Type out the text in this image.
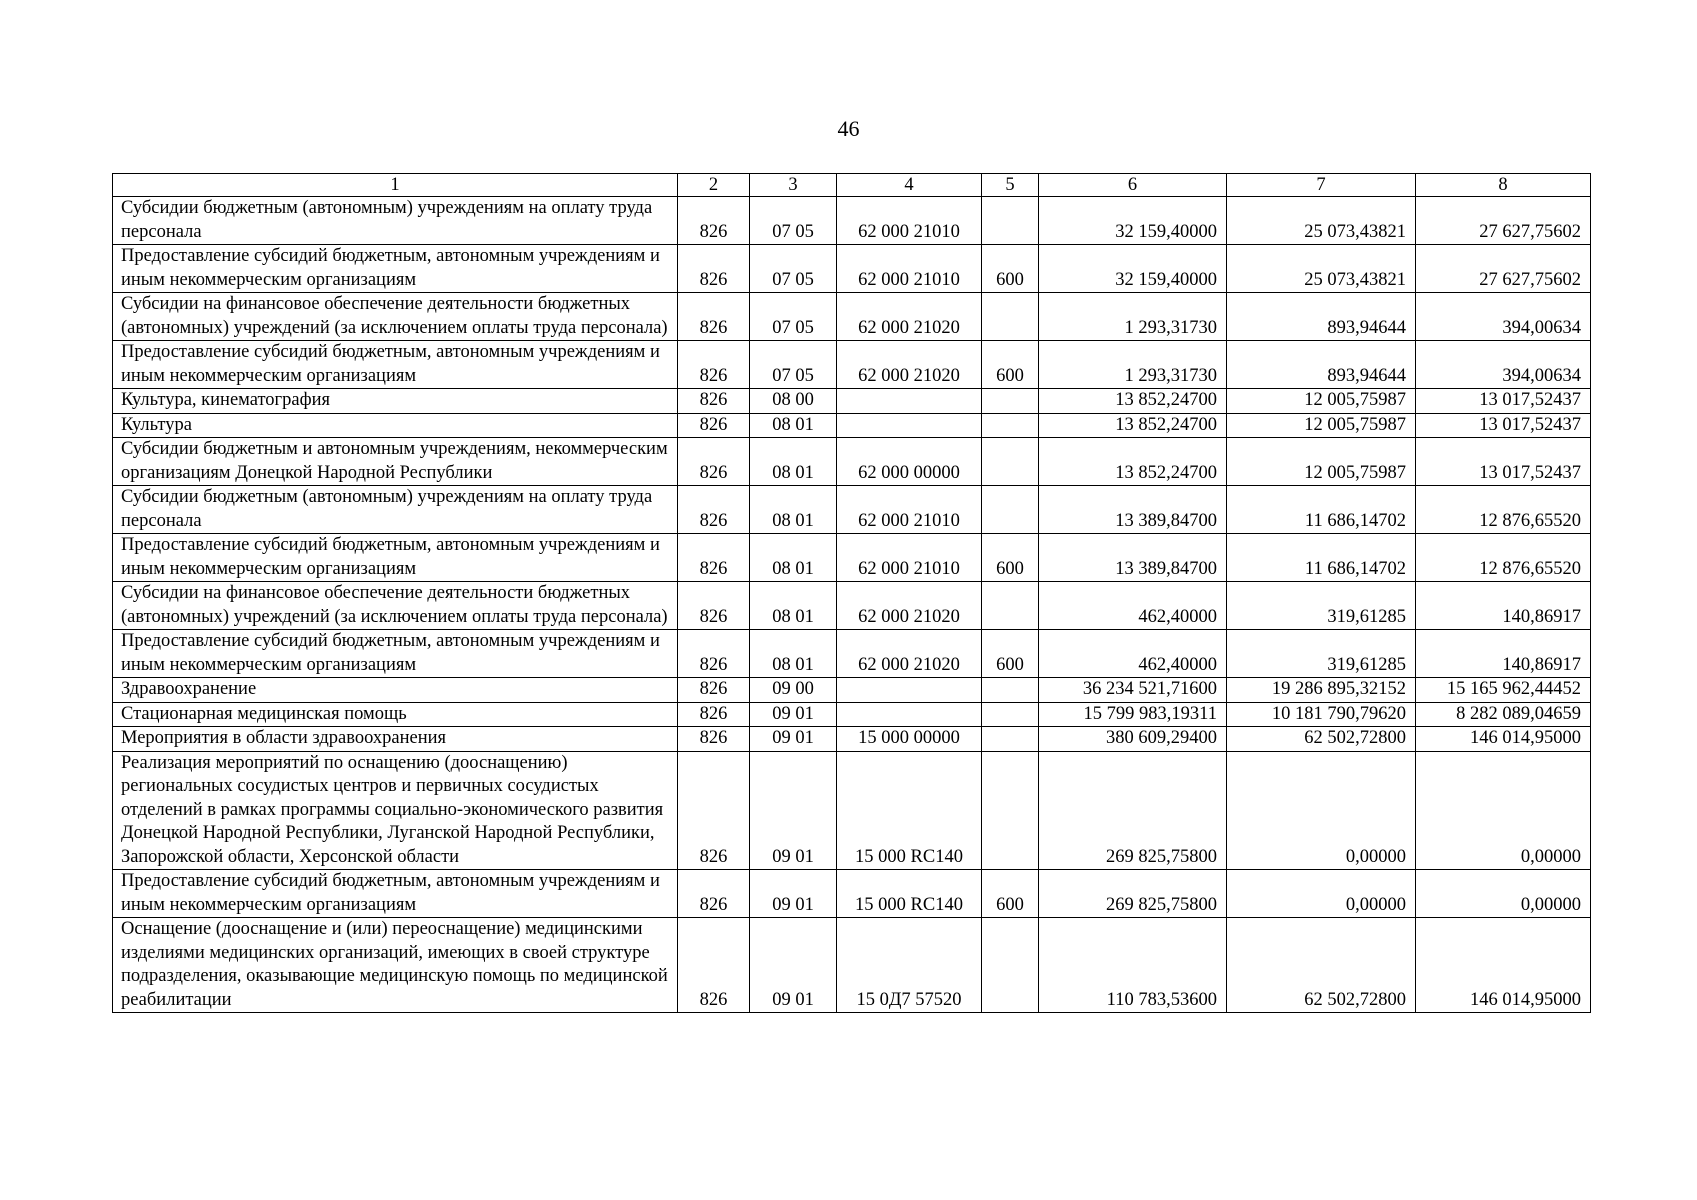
46
1	2	3	4	5	6	7	8
Субсидии бюджетным (автономным) учреждениям на оплату труда персонала	826	07 05	62 000 21010		32 159,40000	25 073,43821	27 627,75602
Предоставление субсидий бюджетным, автономным учреждениям и иным некоммерческим организациям	826	07 05	62 000 21010	600	32 159,40000	25 073,43821	27 627,75602
Субсидии на финансовое обеспечение деятельности бюджетных (автономных) учреждений (за исключением оплаты труда персонала)	826	07 05	62 000 21020		1 293,31730	893,94644	394,00634
Предоставление субсидий бюджетным, автономным учреждениям и иным некоммерческим организациям	826	07 05	62 000 21020	600	1 293,31730	893,94644	394,00634
Культура, кинематография	826	08 00			13 852,24700	12 005,75987	13 017,52437
Культура	826	08 01			13 852,24700	12 005,75987	13 017,52437
Субсидии бюджетным и автономным учреждениям, некоммерческим организациям Донецкой Народной Республики	826	08 01	62 000 00000		13 852,24700	12 005,75987	13 017,52437
Субсидии бюджетным (автономным) учреждениям на оплату труда персонала	826	08 01	62 000 21010		13 389,84700	11 686,14702	12 876,65520
Предоставление субсидий бюджетным, автономным учреждениям и иным некоммерческим организациям	826	08 01	62 000 21010	600	13 389,84700	11 686,14702	12 876,65520
Субсидии на финансовое обеспечение деятельности бюджетных (автономных) учреждений (за исключением оплаты труда персонала)	826	08 01	62 000 21020		462,40000	319,61285	140,86917
Предоставление субсидий бюджетным, автономным учреждениям и иным некоммерческим организациям	826	08 01	62 000 21020	600	462,40000	319,61285	140,86917
Здравоохранение	826	09 00			36 234 521,71600	19 286 895,32152	15 165 962,44452
Стационарная медицинская помощь	826	09 01			15 799 983,19311	10 181 790,79620	8 282 089,04659
Мероприятия в области здравоохранения	826	09 01	15 000 00000		380 609,29400	62 502,72800	146 014,95000
Реализация мероприятий по оснащению (дооснащению) региональных сосудистых центров и первичных сосудистых отделений в рамках программы социально-экономического развития Донецкой Народной Республики, Луганской Народной Республики, Запорожской области, Херсонской области	826	09 01	15 000 RC140		269 825,75800	0,00000	0,00000
Предоставление субсидий бюджетным, автономным учреждениям и иным некоммерческим организациям	826	09 01	15 000 RC140	600	269 825,75800	0,00000	0,00000
Оснащение (дооснащение и (или) переоснащение) медицинскими изделиями медицинских организаций, имеющих в своей структуре подразделения, оказывающие медицинскую помощь по медицинской реабилитации	826	09 01	15 0Д7 57520		110 783,53600	62 502,72800	146 014,95000
